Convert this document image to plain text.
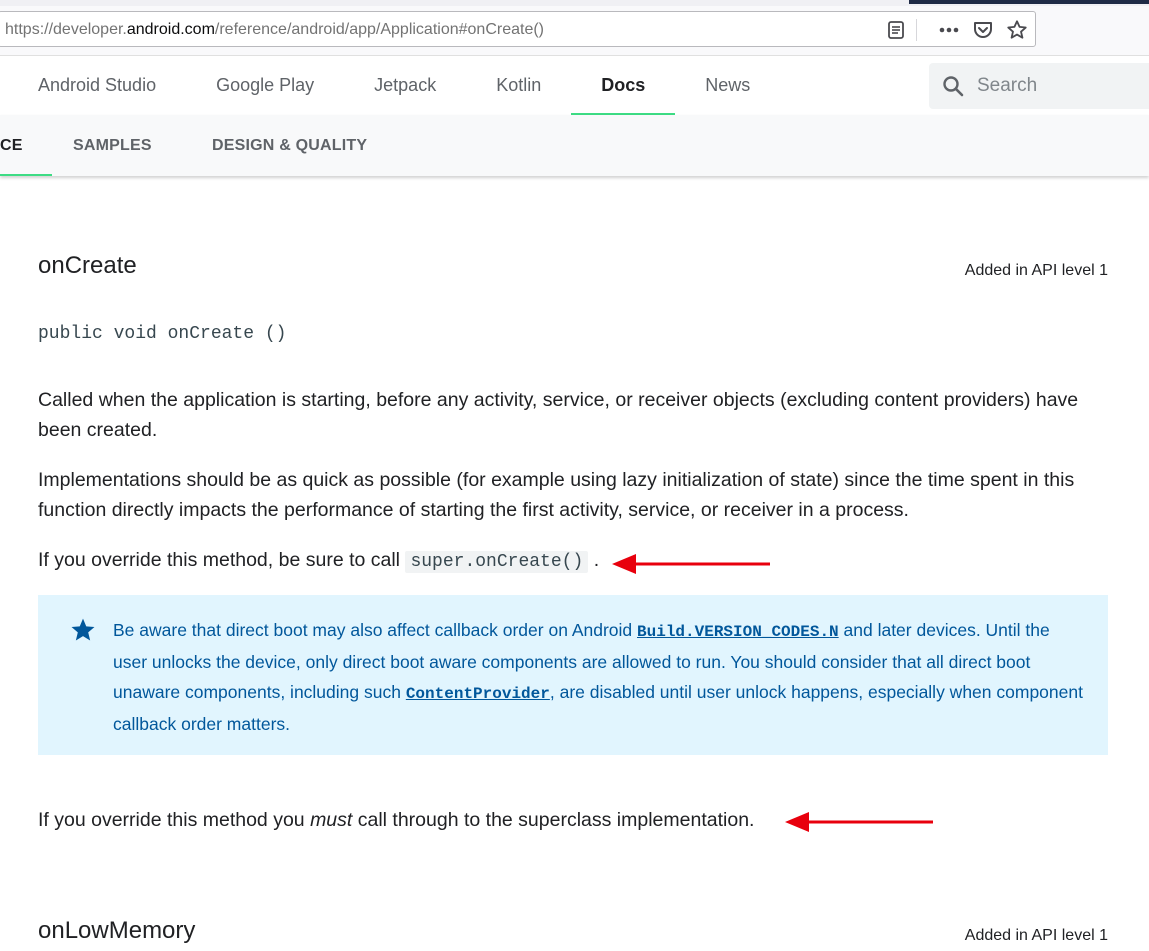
https://developer.android.com/reference/android/app/Application#onCreate()
Android Studio	Google Play	Jetpack	Kotlin	Docs	News
Search
CE	SAMPLES	DESIGN & QUALITY
onCreate	Added in API level 1
public void onCreate ()

Called when the application is starting, before any activity, service, or receiver objects (excluding content providers) have been created.

Implementations should be as quick as possible (for example using lazy initialization of state) since the time spent in this function directly impacts the performance of starting the first activity, service, or receiver in a process.

If you override this method, be sure to call super.onCreate() .

Be aware that direct boot may also affect callback order on Android Build.VERSION_CODES.N and later devices. Until the user unlocks the device, only direct boot aware components are allowed to run. You should consider that all direct boot unaware components, including such ContentProvider, are disabled until user unlock happens, especially when component callback order matters.

If you override this method you must call through to the superclass implementation.

onLowMemory	Added in API level 1
